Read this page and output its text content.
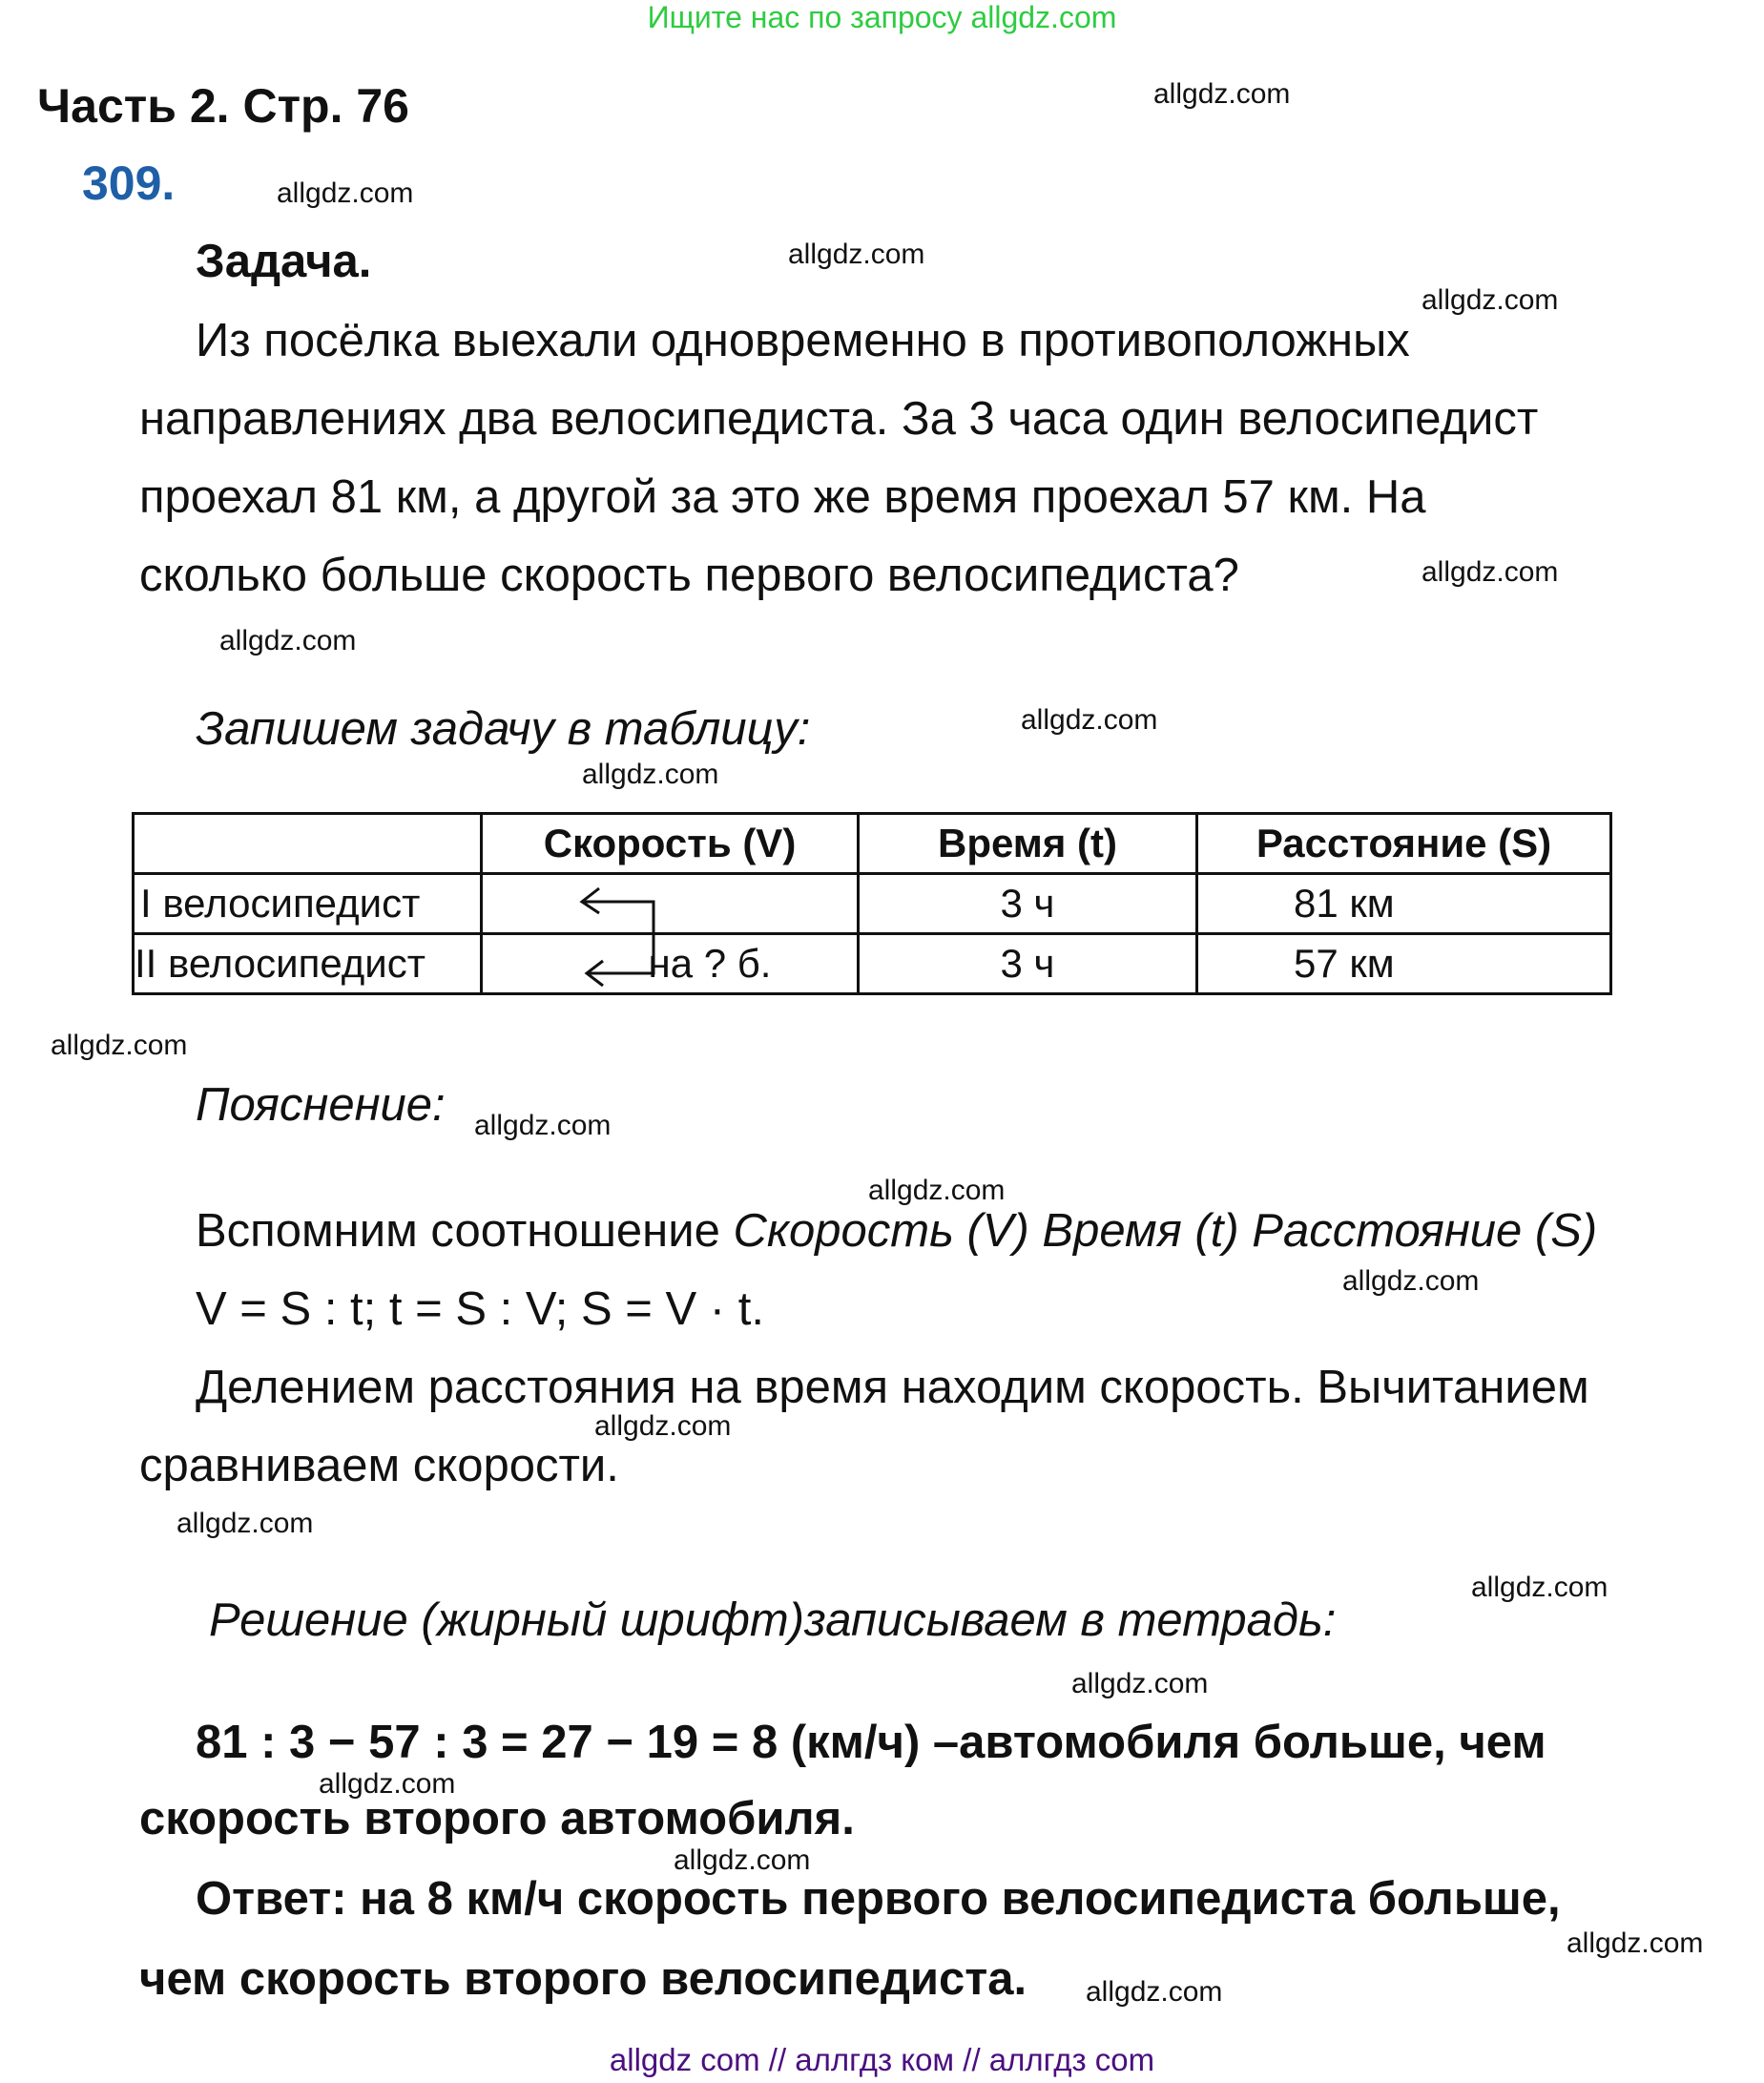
Ищите нас по запросу allgdz.com
Часть 2. Стр. 76
309.
Задача.
Из посёлка выехали одновременно в противоположных
направлениях два велосипедиста. За 3 часа один велосипедист
проехал 81 км, а другой за это же время проехал 57 км. На
сколько больше скорость первого велосипедиста?
Запишем задачу в таблицу:
	Скорость (V)	Время (t)	Расстояние (S)
I велосипедист		3 ч	81 км
II велосипедист	на ? б.	3 ч	57 км
Пояснение:
Вспомним соотношение Скорость (V) Время (t) Расстояние (S)
V = S : t; t = S : V; S = V · t.
Делением расстояния на время находим скорость. Вычитанием
сравниваем скорости.
Решение (жирный шрифт)записываем в тетрадь:
81 : 3 − 57 : 3 = 27 − 19 = 8 (км/ч) –автомобиля больше, чем
скорость второго автомобиля.
Ответ: на 8 км/ч скорость первого велосипедиста больше,
чем скорость второго велосипедиста.
allgdz.com
allgdz.com
allgdz.com
allgdz.com
allgdz.com
allgdz.com
allgdz.com
allgdz.com
allgdz.com
allgdz.com
allgdz.com
allgdz.com
allgdz.com
allgdz.com
allgdz.com
allgdz.com
allgdz.com
allgdz.com
allgdz.com
allgdz.com
allgdz com // аллгдз ком // аллгдз com
